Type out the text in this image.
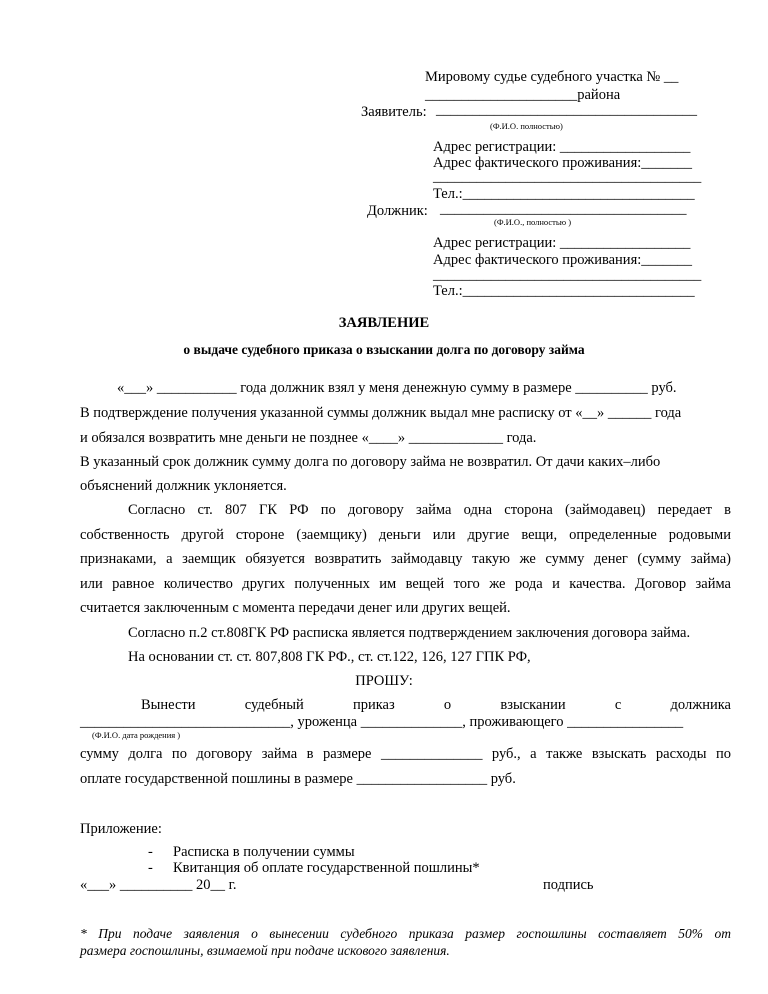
Мировому судье судебного участка № __
_____________________района
Заявитель: ____________________________________
(Ф.И.О. полностью)
Адрес регистрации: __________________
Адрес фактического проживания:_______
_____________________________________
Тел.:________________________________
Должник: __________________________________
(Ф.И.О., полностью )
Адрес регистрации: __________________
Адрес фактического проживания:_______
_____________________________________
Тел.:________________________________
ЗАЯВЛЕНИЕ
о выдаче судебного приказа о взыскании долга по договору займа
«___» ___________ года должник взял у меня денежную сумму в размере __________ руб.
В подтверждение получения указанной суммы должник выдал мне расписку от «__» ______ года
и обязался возвратить мне деньги не позднее «____» _____________ года.
В указанный срок должник сумму долга по договору займа не возвратил. От дачи каких–либо
объяснений должник уклоняется.
Согласно ст. 807 ГК РФ по договору займа одна сторона (займодавец) передает в
собственность другой стороне (заемщику) деньги или другие вещи, определенные родовыми
признаками, а заемщик обязуется возвратить займодавцу такую же сумму денег (сумму займа)
или равное количество других полученных им вещей того же рода и качества. Договор займа
считается заключенным с момента передачи денег или других вещей.
Согласно п.2 ст.808ГК РФ расписка является подтверждением заключения договора займа.
На основании ст. ст. 807,808 ГК РФ., ст. ст.122, 126, 127 ГПК РФ,
ПРОШУ:
Вынести судебный приказ о взыскании с должника
_____________________________, уроженца ______________, проживающего ________________
(Ф.И.О. дата рождения )
сумму долга по договору займа в размере ______________ руб., а также взыскать расходы по
оплате государственной пошлины в размере __________________ руб.
Приложение:
- Расписка в получении суммы
- Квитанция об оплате государственной пошлины*
«___» __________ 20__ г.	подпись
* При подаче заявления о вынесении судебного приказа размер госпошлины составляет 50% от
размера госпошлины, взимаемой при подаче искового заявления.
